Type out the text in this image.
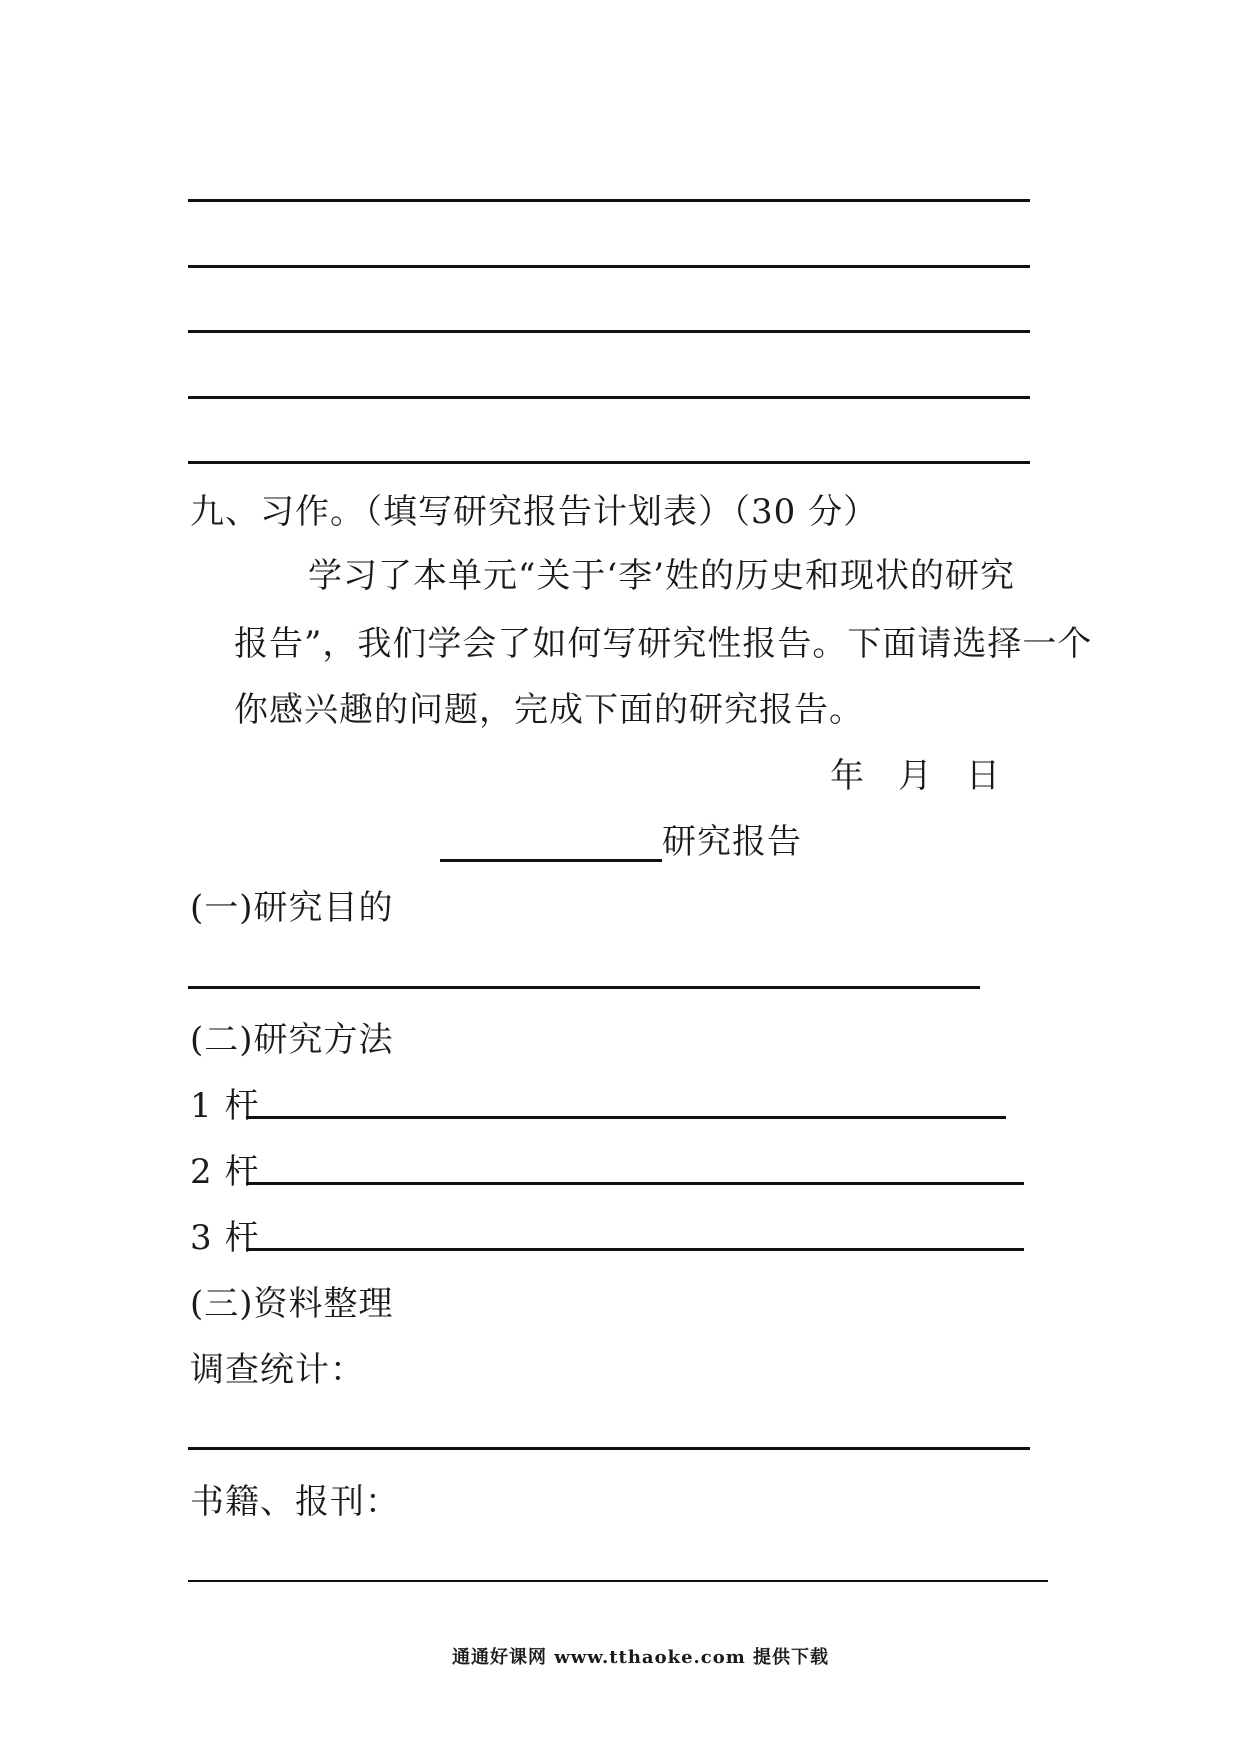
九、习作。（填写研究报告计划表）（30 分）
学习了本单元“关于‘李’姓的历史和现状的研究
报告”，我们学会了如何写研究性报告。下面请选择一个
你感兴趣的问题，完成下面的研究报告。
年 月 日
研究报告
(一)研究目的
(二)研究方法
1 杆
2 杆
3 杆
(三)资料整理
调查统计：
书籍、报刊：
通通好课网 www.tthaoke.com 提供下载
